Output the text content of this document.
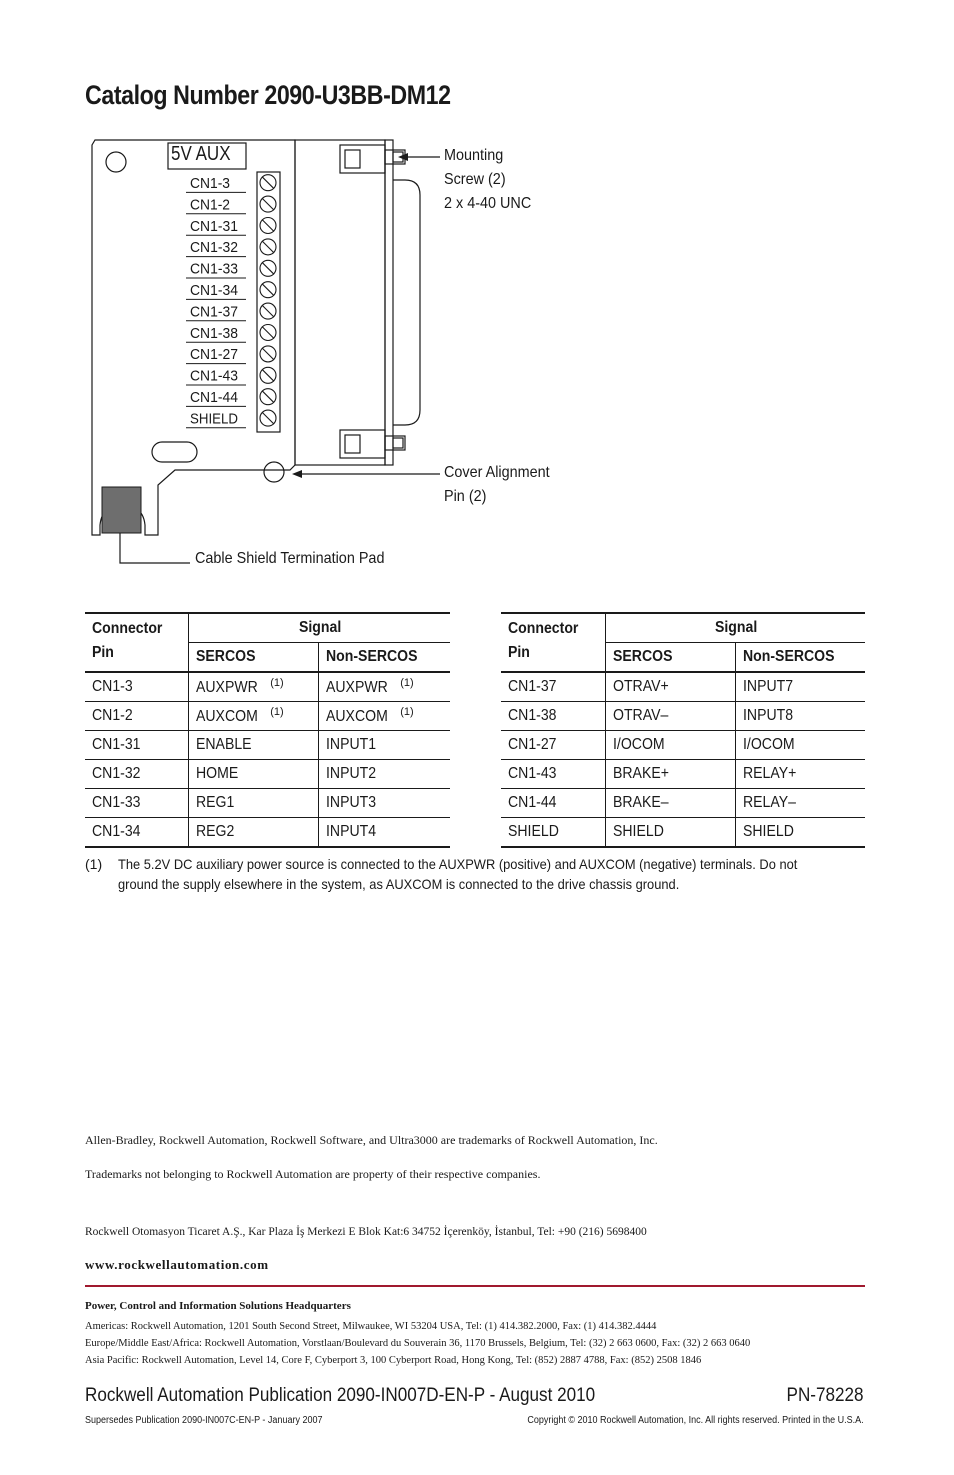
Catalog Number 2090-U3BB-DM12
CN1-3
CN1-2
CN1-31
CN1-32
CN1-33
CN1-34
CN1-37
CN1-38
CN1-27
CN1-43
CN1-44
SHIELD
5V AUX	Mounting
Screw (2)
2 x 4-40 UNC
Cover Alignment
Pin (2)
Cable Shield Termination Pad
Connector
Pin	Signal	
	SERCOS	Non-SERCOS
CN1-3	AUXPWR $^{(1)}$	AUXPWR $^{(1)}$
CN1-2	AUXCOM $^{(1)}$	AUXCOM $^{(1)}$
CN1-31	ENABLE	INPUT1
CN1-32	HOME	INPUT2
CN1-33	REG1	INPUT3
CN1-34	REG2	INPUT4
Connector
Pin	Signal	
	SERCOS	Non-SERCOS
CN1-37	OTRAV+	INPUT7
CN1-38	OTRAV–	INPUT8
CN1-27	I/OCOM	I/OCOM
CN1-43	BRAKE+	RELAY+
CN1-44	BRAKE–	RELAY–
SHIELD	SHIELD	SHIELD
(1) The 5.2V DC auxiliary power source is connected to the AUXPWR (positive) and AUXCOM (negative) terminals. Do not
ground the supply elsewhere in the system, as AUXCOM is connected to the drive chassis ground.
Allen-Bradley, Rockwell Automation, Rockwell Software, and Ultra3000 are trademarks of Rockwell Automation, Inc.
Trademarks not belonging to Rockwell Automation are property of their respective companies.
Rockwell Otomasyon Ticaret A.Ş., Kar Plaza İş Merkezi E Blok Kat:6 34752 İçerenköy, İstanbul, Tel: +90 (216) 5698400
www.rockwellautomation.com
Power, Control and Information Solutions Headquarters
Americas: Rockwell Automation, 1201 South Second Street, Milwaukee, WI 53204 USA, Tel: (1) 414.382.2000, Fax: (1) 414.382.4444
Europe/Middle East/Africa: Rockwell Automation, Vorstlaan/Boulevard du Souverain 36, 1170 Brussels, Belgium, Tel: (32) 2 663 0600, Fax: (32) 2 663 0640
Asia Pacific: Rockwell Automation, Level 14, Core F, Cyberport 3, 100 Cyberport Road, Hong Kong, Tel: (852) 2887 4788, Fax: (852) 2508 1846
Rockwell Automation Publication 2090-IN007D-EN-P - August 2010	PN-78228
Supersedes Publication 2090-IN007C-EN-P - January 2007	Copyright © 2010 Rockwell Automation, Inc. All rights reserved. Printed in the U.S.A.
